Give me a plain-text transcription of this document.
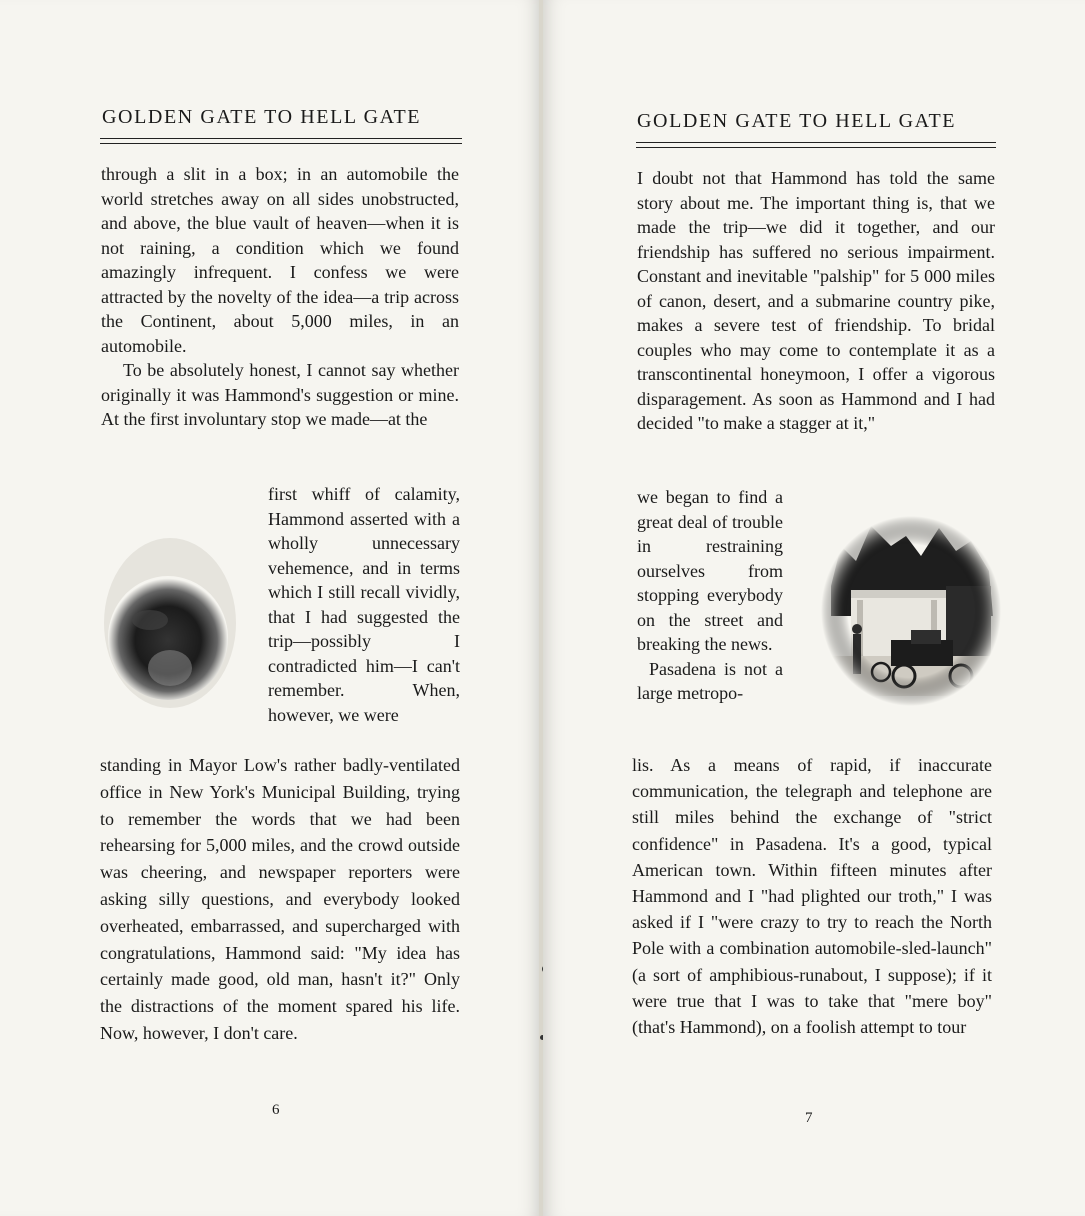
GOLDEN GATE TO HELL GATE

through a slit in a box; in an automobile the world stretches away on all sides unobstructed, and above, the blue vault of heaven—when it is not raining, a condition which we found amazingly infrequent. I confess we were attracted by the novelty of the idea—a trip across the Continent, about 5,000 miles, in an automobile.

To be absolutely honest, I cannot say whether originally it was Hammond's suggestion or mine. At the first involuntary stop we made—at the

first whiff of calamity, Hammond asserted with a wholly unnecessary vehemence, and in terms which I still recall vividly, that I had suggested the trip—possibly I contradicted him—I can't remember. When, however, we were

standing in Mayor Low's rather badly-ventilated office in New York's Municipal Building, trying to remember the words that we had been rehearsing for 5,000 miles, and the crowd outside was cheering, and newspaper reporters were asking silly questions, and everybody looked overheated, embarrassed, and supercharged with congratulations, Hammond said: "My idea has certainly made good, old man, hasn't it?" Only the distractions of the moment spared his life. Now, however, I don't care.

6
GOLDEN GATE TO HELL GATE

I doubt not that Hammond has told the same story about me. The important thing is, that we made the trip—we did it together, and our friendship has suffered no serious impairment. Constant and inevitable "palship" for 5 000 miles of canon, desert, and a submarine country pike, makes a severe test of friendship. To bridal couples who may come to contemplate it as a transcontinental honeymoon, I offer a vigorous disparagement. As soon as Hammond and I had decided "to make a stagger at it,"

we began to find a great deal of trouble in restraining ourselves from stopping everybody on the street and breaking the news.

Pasadena is not a large metropo-

lis. As a means of rapid, if inaccurate communication, the telegraph and telephone are still miles behind the exchange of "strict confidence" in Pasadena. It's a good, typical American town. Within fifteen minutes after Hammond and I "had plighted our troth," I was asked if I "were crazy to try to reach the North Pole with a combination automobile-sled-launch" (a sort of amphibious-runabout, I suppose); if it were true that I was to take that "mere boy" (that's Hammond), on a foolish attempt to tour

7
